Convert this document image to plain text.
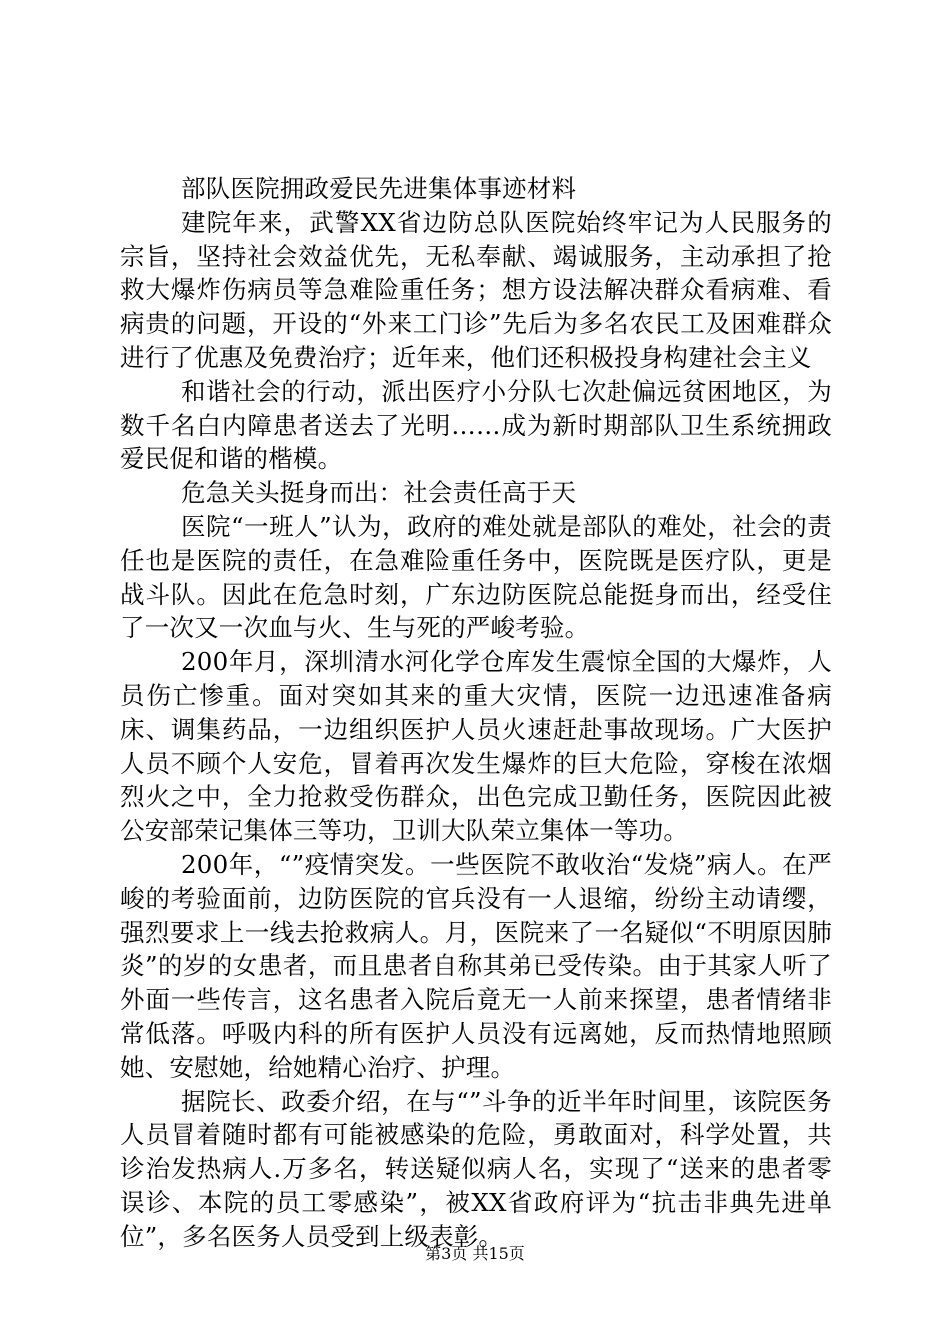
部队医院拥政爱民先进集体事迹材料

建院年来，武警XX省边防总队医院始终牢记为人民服务的宗旨，坚持社会效益优先，无私奉献、竭诚服务，主动承担了抢救大爆炸伤病员等急难险重任务；想方设法解决群众看病难、看病贵的问题，开设的“外来工门诊”先后为多名农民工及困难群众进行了优惠及免费治疗；近年来，他们还积极投身构建社会主义

和谐社会的行动，派出医疗小分队七次赴偏远贫困地区，为数千名白内障患者送去了光明……成为新时期部队卫生系统拥政爱民促和谐的楷模。

危急关头挺身而出：社会责任高于天

医院“一班人”认为，政府的难处就是部队的难处，社会的责任也是医院的责任，在急难险重任务中，医院既是医疗队，更是战斗队。因此在危急时刻，广东边防医院总能挺身而出，经受住了一次又一次血与火、生与死的严峻考验。

200年月，深圳清水河化学仓库发生震惊全国的大爆炸，人员伤亡惨重。面对突如其来的重大灾情，医院一边迅速准备病床、调集药品，一边组织医护人员火速赶赴事故现场。广大医护人员不顾个人安危，冒着再次发生爆炸的巨大危险，穿梭在浓烟烈火之中，全力抢救受伤群众，出色完成卫勤任务，医院因此被公安部荣记集体三等功，卫训大队荣立集体一等功。

200年，“”疫情突发。一些医院不敢收治“发烧”病人。在严峻的考验面前，边防医院的官兵没有一人退缩，纷纷主动请缨，强烈要求上一线去抢救病人。月，医院来了一名疑似“不明原因肺炎”的岁的女患者，而且患者自称其弟已受传染。由于其家人听了外面一些传言，这名患者入院后竟无一人前来探望，患者情绪非常低落。呼吸内科的所有医护人员没有远离她，反而热情地照顾她、安慰她，给她精心治疗、护理。

据院长、政委介绍，在与“”斗争的近半年时间里，该院医务人员冒着随时都有可能被感染的危险，勇敢面对，科学处置，共诊治发热病人.万多名，转送疑似病人名，实现了“送来的患者零误诊、本院的员工零感染”，被XX省政府评为“抗击非典先进单位”，多名医务人员受到上级表彰。

第3页 共15页
